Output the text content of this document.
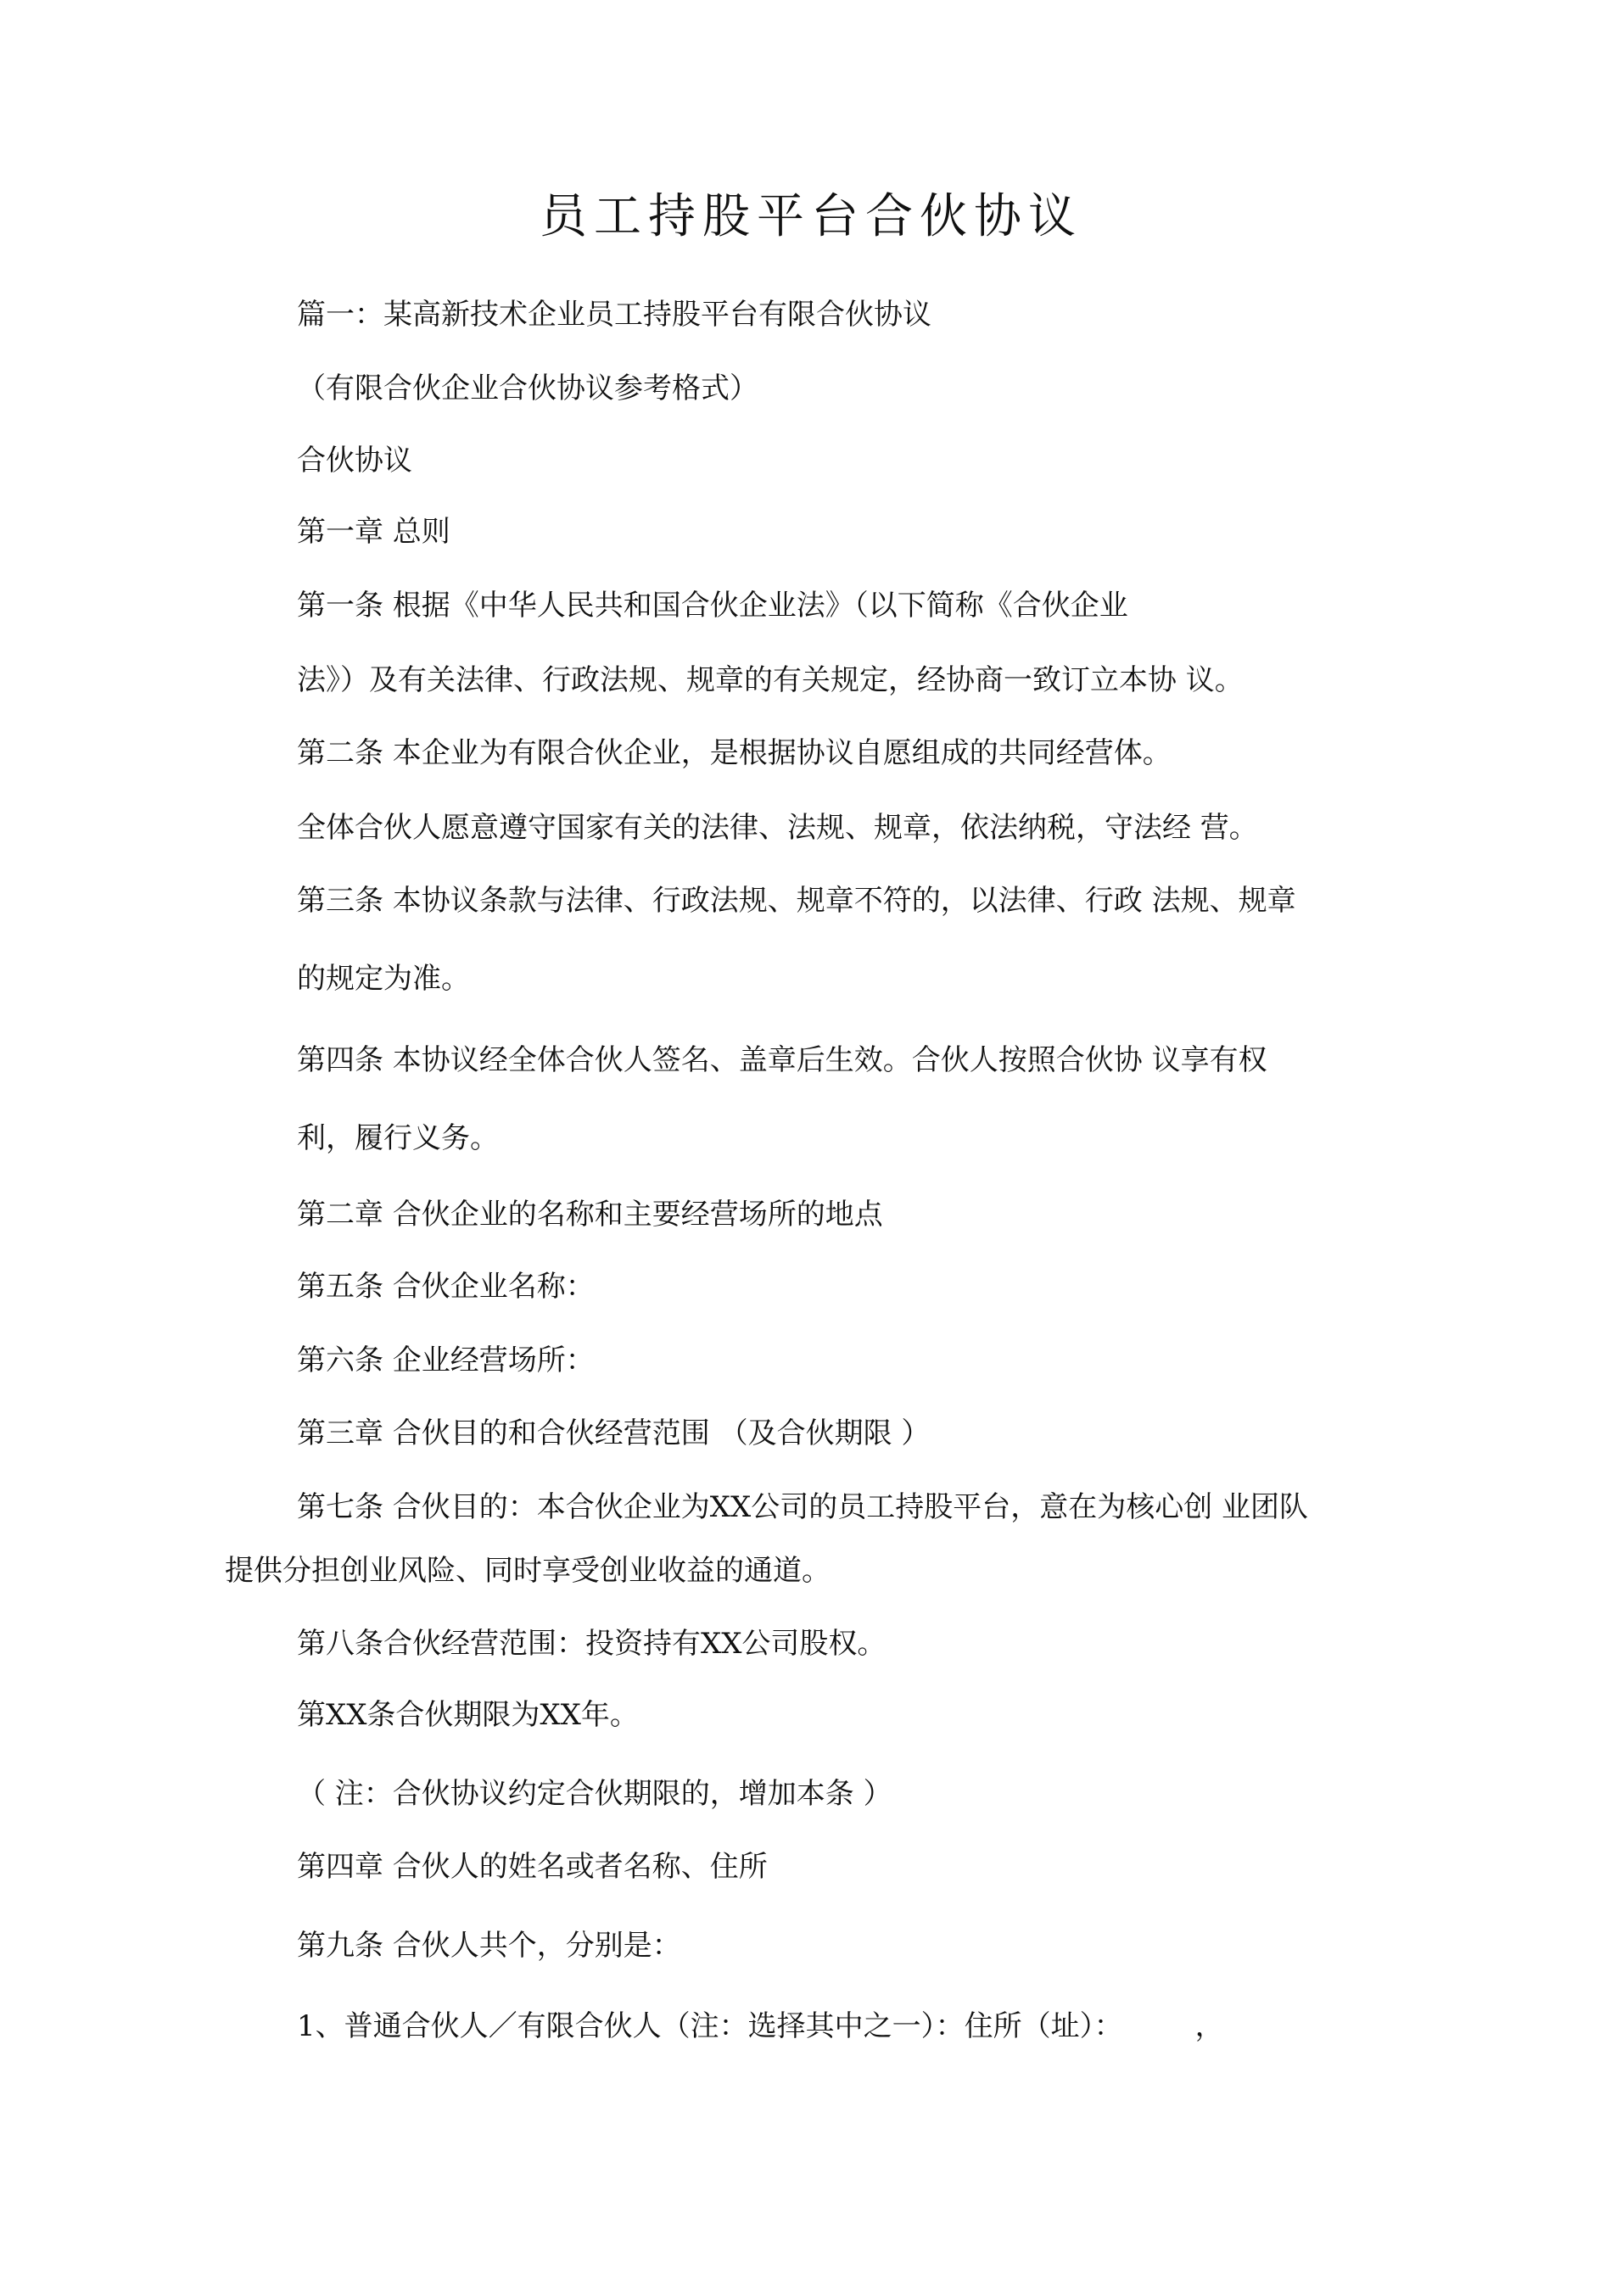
员工持股平台合伙协议

篇一：某高新技术企业员工持股平台有限合伙协议

（有限合伙企业合伙协议参考格式）

合伙协议

第一章 总则

第一条 根据《中华人民共和国合伙企业法》（以下简称《合伙企业

法》）及有关法律、行政法规、规章的有关规定，经协商一致订立本协 议。

第二条 本企业为有限合伙企业，是根据协议自愿组成的共同经营体。

全体合伙人愿意遵守国家有关的法律、法规、规章，依法纳税，守法经 营。

第三条 本协议条款与法律、行政法规、规章不符的，以法律、行政 法规、规章

的规定为准。

第四条 本协议经全体合伙人签名、盖章后生效。合伙人按照合伙协 议享有权

利，履行义务。

第二章 合伙企业的名称和主要经营场所的地点

第五条 合伙企业名称：

第六条 企业经营场所：

第三章 合伙目的和合伙经营范围 （及合伙期限 ）

第七条 合伙目的：本合伙企业为XX公司的员工持股平台，意在为核心创 业团队

提供分担创业风险、同时享受创业收益的通道。

第八条合伙经营范围：投资持有XX公司股权。

第XX条合伙期限为XX年。

（ 注：合伙协议约定合伙期限的，增加本条 ）

第四章 合伙人的姓名或者名称、住所

第九条 合伙人共个，分别是：

1、普通合伙人／有限合伙人（注：选择其中之一）：住所（址）：　　　，
